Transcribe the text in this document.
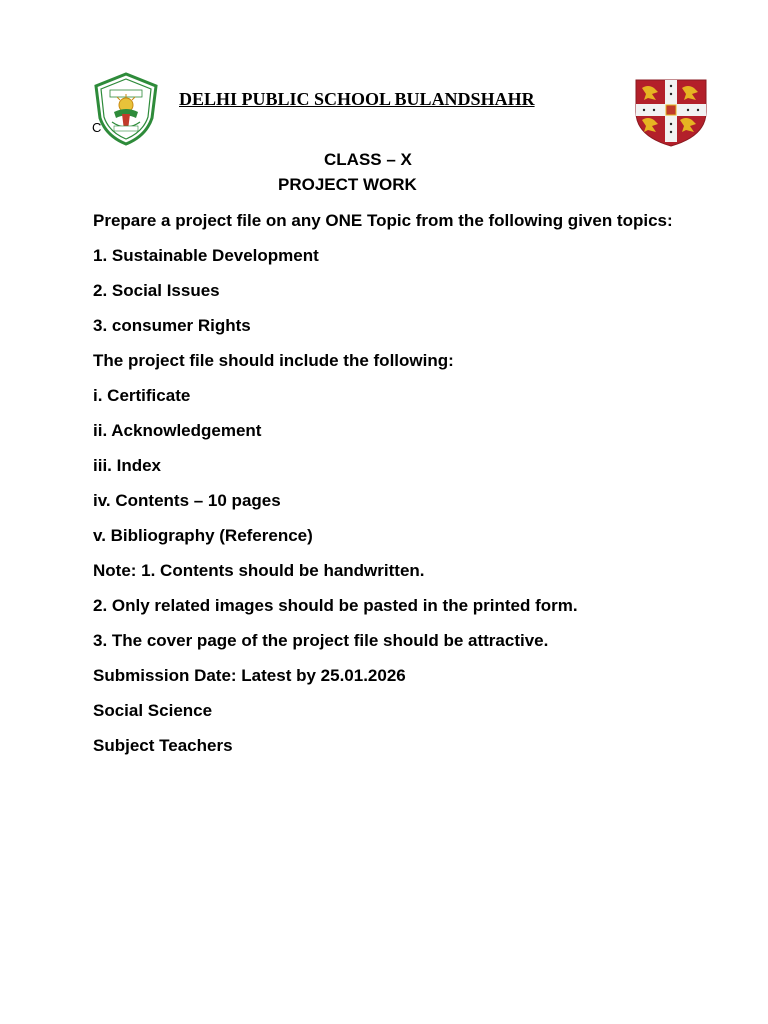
C
DELHI PUBLIC SCHOOL BULANDSHAHR
CLASS – X
PROJECT WORK

Prepare a project file on any ONE Topic from the following given topics:

1. Sustainable Development

2. Social Issues

3. consumer Rights

The project file should include the following:

i. Certificate

ii. Acknowledgement

iii. Index

iv. Contents – 10 pages

v. Bibliography (Reference)

Note: 1. Contents should be handwritten.

2. Only related images should be pasted in the printed form.

3. The cover page of the project file should be attractive.

Submission Date: Latest by 25.01.2026

Social Science

Subject Teachers
